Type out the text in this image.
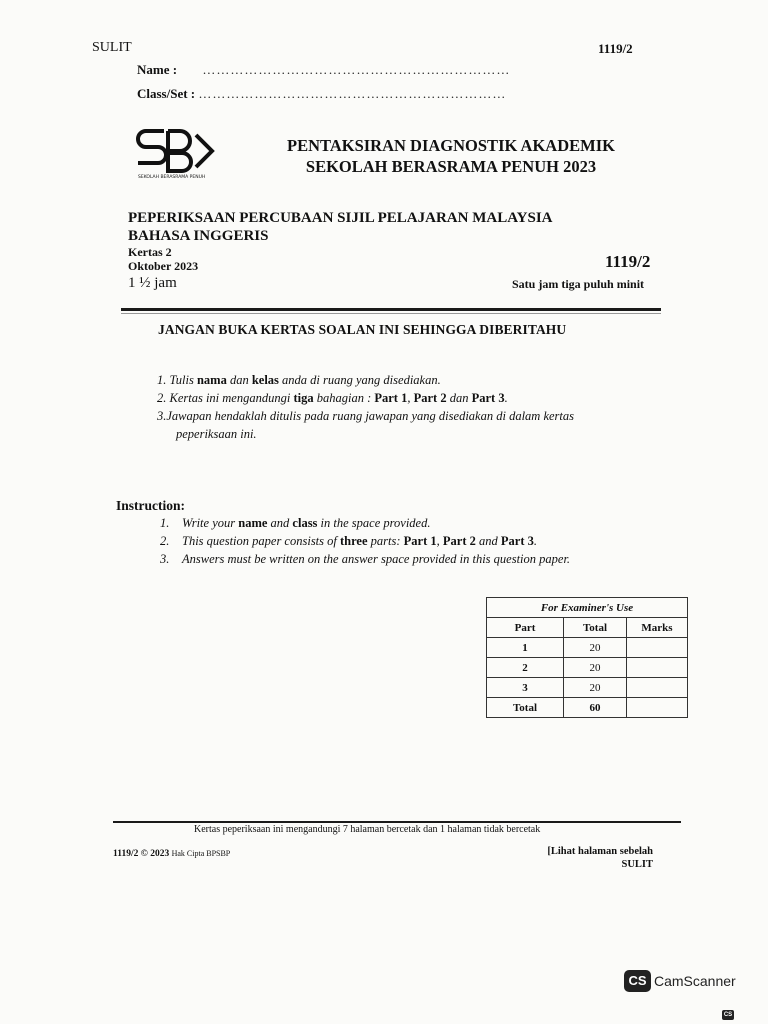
SULIT	1119/2
Name : …………………………………………………………
Class/Set : …………………………………………………………
SEKOLAH BERASRAMA PENUH
PENTAKSIRAN DIAGNOSTIK AKADEMIK
SEKOLAH BERASRAMA PENUH 2023
PEPERIKSAAN PERCUBAAN SIJIL PELAJARAN MALAYSIA
BAHASA INGGERIS
Kertas 2
Oktober 2023
1 ½ jam
1119/2
Satu jam tiga puluh minit
JANGAN BUKA KERTAS SOALAN INI SEHINGGA DIBERITAHU
1. Tulis nama dan kelas anda di ruang yang disediakan.
2. Kertas ini mengandungi tiga bahagian : Part 1, Part 2 dan Part 3.
3.Jawapan hendaklah ditulis pada ruang jawapan yang disediakan di dalam kertas
peperiksaan ini.
Instruction:
1. Write your name and class in the space provided.
2. This question paper consists of three parts: Part 1, Part 2 and Part 3.
3. Answers must be written on the answer space provided in this question paper.
For Examiner's Use		
Part	Total	Marks
1	20	
2	20	
3	20	
Total	60	
Kertas peperiksaan ini mengandungi 7 halaman bercetak dan 1 halaman tidak bercetak
1119/2 © 2023 Hak Cipta BPSBP	[Lihat halaman sebelah
SULIT
CS CamScanner
CS
